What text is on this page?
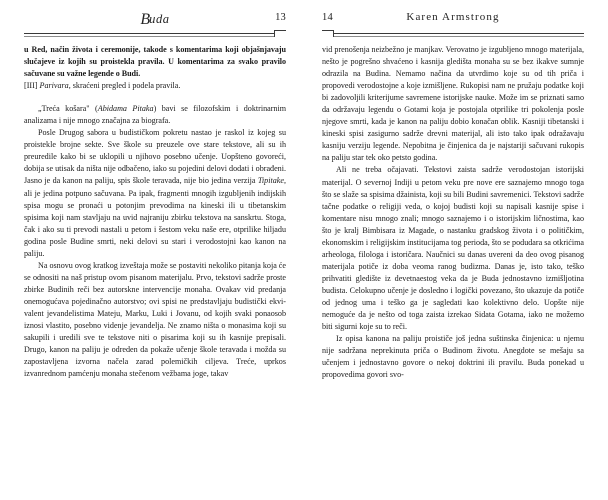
Buda	13

u Red, način života i ceremonije, takode s komentarima koji objašnjavaju slučajeve iz kojih su proistekla pravila. U komentarima za svako pravilo sačuvane su važne legende o Budi.

[III] Parivara, skraćeni pregled i podela pravila.

„Treća košara" (Abidama Pitaka) bavi se filozofskim i doktrinarnim analizama i nije mnogo značajna za biografa.

Posle Drugog sabora u budističkom pokretu nastao je raskol iz kojeg su proistekle brojne sekte. Sve škole su preuzele ove stare tekstove, ali su ih preuredile kako bi se uklopili u njihovo posebno učenje. Uopšteno govoreći, dobija se utisak da ništa nije odbačeno, iako su pojedini delovi dodati i obrađeni. Jasno je da kanon na paliju, spis škole teravada, nije bio jedina verzija Tipitake, ali je jedina potpuno sačuvana. Pa ipak, fragmenti mnogih izgubljenih indijskih spisa mogu se pronaći u potonjim prevodima na kineski ili u tibetanskim spisima koji nam stavljaju na uvid najraniju zbirku tekstova na sanskrtu. Stoga, čak i ako su ti prevodi nastali u petom i šestom veku naše ere, otprilike hiljadu godina posle Budine smrti, neki delovi su stari i verodostojni kao kanon na paliju.

Na osnovu ovog kratkog izveštaja može se postaviti nekoliko pitanja koja će se odnositi na naš pristup ovom pisanom materijalu. Prvo, tekstovi sadrže proste zbirke Budinih reči bez autorskne intervencije monaha. Ovakav vid predanja onemogućava pojedinačno autorstvo; ovi spisi ne predstavljaju budistički ekvivalent jevandelistima Mateju, Marku, Luki i Jovanu, od kojih svaki ponaosob iznosi vlastito, posebno videnje jevandelja. Ne znamo ništa o monasima koji su sakupili i uredili sve te tekstove niti o pisarima koji su ih kasnije prepisali. Drugo, kanon na paliju je odreden da pokaže učenje škole teravada i možda su zapostavljena izvorna načela zarad polemičkih ciljeva. Treće, uprkos izvanrednom pamćenju monaha stečenom vežbama joge, takav

Karen Armstrong
14

vid prenošenja neizbežno je manjkav. Verovatno je izgubljeno mnogo materijala, nešto je pogrešno shvaćeno i kasnija gledišta monaha su se bez ikakve sumnje odrazila na Budina. Nemamo načina da utvrdimo koje su od tih priča i propovedi verodostojne a koje izmišljene. Rukopisi nam ne pružaju podatke koji bi zadovoljili kriterijume savremene istorijske nauke. Može im se priznati samo da održavaju legendu o Gotami koja je postojala otprilike tri pokolenja posle njegove smrti, kada je kanon na paliju dobio konačan oblik. Kasniji tibetanski i kineski spisi zasigurno sadrže drevni materijal, ali isto tako ipak odražavaju kasniju verziju legende. Nepobitna je činjenica da je najstariji sačuvani rukopis na paliju star tek oko petsto godina.

Ali ne treba očajavati. Tekstovi zaista sadrže verodostojan istorijski materijal. O severnoj Indiji u petom veku pre nove ere saznajemo mnogo toga što se slaže sa spisima džainista, koji su bili Budini savremenici. Tekstovi sadrže tačne podatke o religiji veda, o kojoj budisti koji su napisali kasnije spise i komentare nisu mnogo znali; mnogo saznajemo i o istorijskim ličnostima, kao što je kralj Bimbisara iz Magade, o nastanku gradskog života i o političkim, ekonomskim i religijskim institucijama tog perioda, što se podudara sa otkrićima arheologa, filologa i istoričara. Naučnici su danas uvereni da deo ovog pisanog materijala potiče iz doba veoma ranog budizma. Danas je, isto tako, teško prihvatiti gledište iz devetnaestog veka da je Buda jednostavno izmišljotina budista. Celokupno učenje je dosledno i logički povezano, što ukazuje da potiče od jednog uma i teško ga je sagledati kao kolektivno delo. Uopšte nije nemoguće da je nešto od toga zaista izrekao Sidata Gotama, iako ne možemo biti sigurni koje su to reči.

Iz opisa kanona na paliju proističe još jedna suštinska činjenica: u njemu nije sadržana neprekinuta priča o Budinom životu. Anegdote se mešaju sa učenjem i jednostavno govore o nekoj doktrini ili pravilu. Buda ponekad u propovedima govori svo-
